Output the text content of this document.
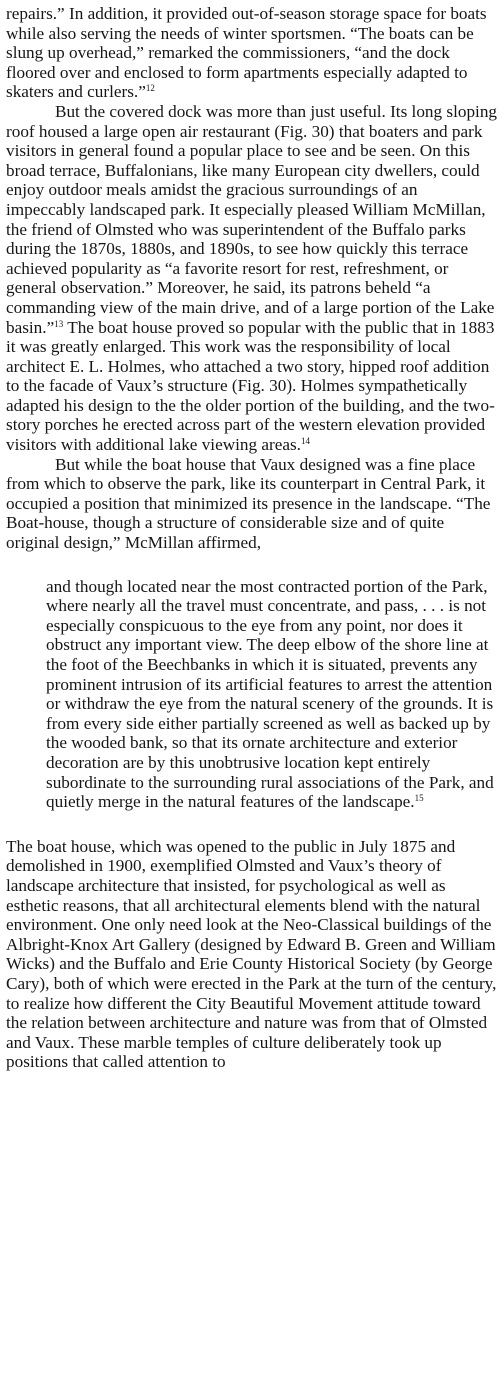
repairs.” In addition, it provided out-of-season storage space for boats while also serving the needs of winter sportsmen. “The boats can be slung up overhead,” remarked the commissioners, “and the dock floored over and enclosed to form apartments especially adapted to skaters and curlers.”$^{12}$

But the covered dock was more than just useful. Its long sloping roof housed a large open air restaurant (Fig. 30) that boaters and park visitors in general found a popular place to see and be seen. On this broad terrace, Buffalonians, like many European city dwellers, could enjoy outdoor meals amidst the gracious surroundings of an impeccably landscaped park. It especially pleased William McMillan, the friend of Olmsted who was superintendent of the Buffalo parks during the 1870s, 1880s, and 1890s, to see how quickly this terrace achieved popularity as “a favorite resort for rest, refreshment, or general observation.” Moreover, he said, its patrons beheld “a commanding view of the main drive, and of a large portion of the Lake basin.”$^{13}$ The boat house proved so popular with the public that in 1883 it was greatly enlarged. This work was the responsibility of local architect E. L. Holmes, who attached a two story, hipped roof addition to the facade of Vaux’s structure (Fig. 30). Holmes sympathetically adapted his design to the the older portion of the building, and the two-story porches he erected across part of the western elevation provided visitors with additional lake viewing areas.$^{14}$

But while the boat house that Vaux designed was a fine place from which to observe the park, like its counterpart in Central Park, it occupied a position that minimized its presence in the landscape. “The Boat-house, though a structure of considerable size and of quite original design,” McMillan affirmed,

and though located near the most contracted portion of the Park, where nearly all the travel must concentrate, and pass, . . . is not especially conspicuous to the eye from any point, nor does it obstruct any important view. The deep elbow of the shore line at the foot of the Beechbanks in which it is situated, prevents any prominent intrusion of its artificial features to arrest the attention or withdraw the eye from the natural scenery of the grounds. It is from every side either partially screened as well as backed up by the wooded bank, so that its ornate architecture and exterior decoration are by this unobtrusive location kept entirely subordinate to the surrounding rural associations of the Park, and quietly merge in the natural features of the landscape.$^{15}$

The boat house, which was opened to the public in July 1875 and demolished in 1900, exemplified Olmsted and Vaux’s theory of landscape architecture that insisted, for psychological as well as esthetic reasons, that all architectural elements blend with the natural environment. One only need look at the Neo-Classical buildings of the Albright-Knox Art Gallery (designed by Edward B. Green and William Wicks) and the Buffalo and Erie County Historical Society (by George Cary), both of which were erected in the Park at the turn of the century, to realize how different the City Beautiful Movement attitude toward the relation between architecture and nature was from that of Olmsted and Vaux. These marble temples of culture deliberately took up positions that called attention to
